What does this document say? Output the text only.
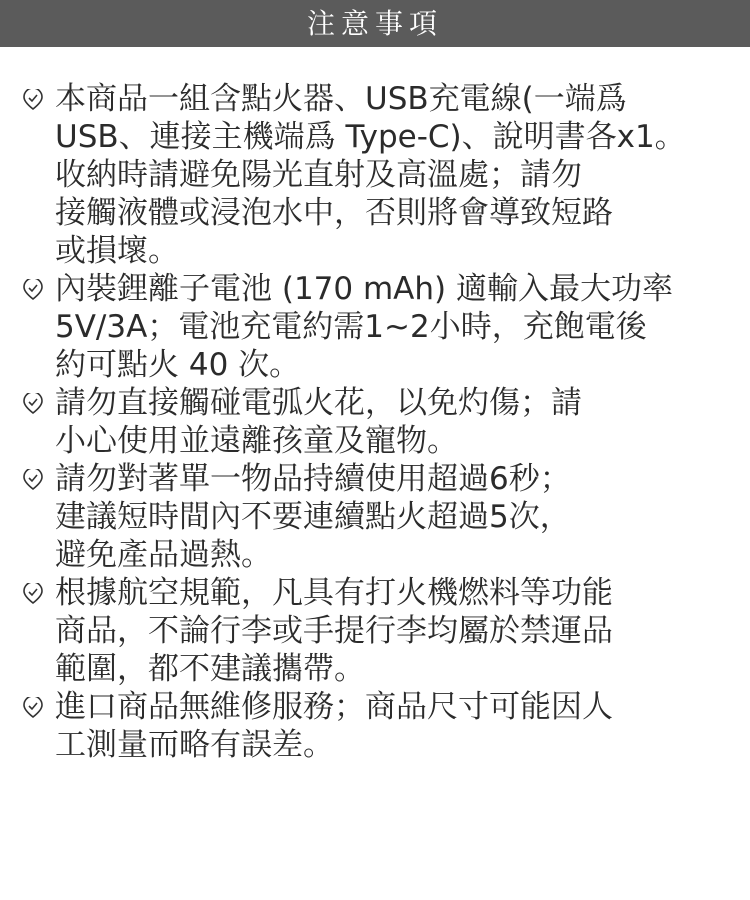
注意事項
本商品一組含點火器、USB充電線(一端爲
USB、連接主機端爲 Type-C)、說明書各x1。
收納時請避免陽光直射及高溫處；請勿
接觸液體或浸泡水中，否則將會導致短路
或損壞。
內裝鋰離子電池 (170 mAh) 適輸入最大功率
5V/3A；電池充電約需1~2小時，充飽電後
約可點火 40 次。
請勿直接觸碰電弧火花，以免灼傷；請
小心使用並遠離孩童及寵物。
請勿對著單一物品持續使用超過6秒；
建議短時間內不要連續點火超過5次，
避免產品過熱。
根據航空規範，凡具有打火機燃料等功能
商品，不論行李或手提行李均屬於禁運品
範圍，都不建議攜帶。
進口商品無維修服務；商品尺寸可能因人
工測量而略有誤差。
